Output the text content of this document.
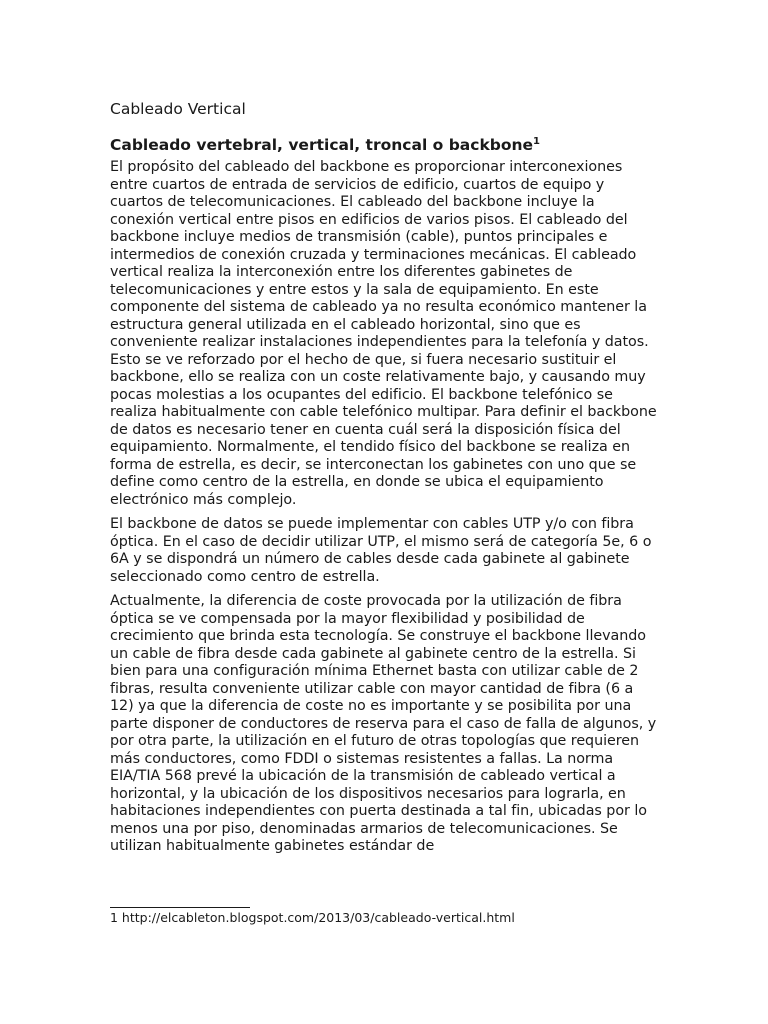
Cableado Vertical
Cableado vertebral, vertical, troncal o backbone$^1$

El propósito del cableado del backbone es proporcionar interconexiones entre cuartos de entrada de servicios de edificio, cuartos de equipo y cuartos de telecomunicaciones. El cableado del backbone incluye la conexión vertical entre pisos en edificios de varios pisos. El cableado del backbone incluye medios de transmisión (cable), puntos principales e intermedios de conexión cruzada y terminaciones mecánicas. El cableado vertical realiza la interconexión entre los diferentes gabinetes de telecomunicaciones y entre estos y la sala de equipamiento. En este componente del sistema de cableado ya no resulta económico mantener la estructura general utilizada en el cableado horizontal, sino que es conveniente realizar instalaciones independientes para la telefonía y datos. Esto se ve reforzado por el hecho de que, si fuera necesario sustituir el backbone, ello se realiza con un coste relativamente bajo, y causando muy pocas molestias a los ocupantes del edificio. El backbone telefónico se realiza habitualmente con cable telefónico multipar. Para definir el backbone de datos es necesario tener en cuenta cuál será la disposición física del equipamiento. Normalmente, el tendido físico del backbone se realiza en forma de estrella, es decir, se interconectan los gabinetes con uno que se define como centro de la estrella, en donde se ubica el equipamiento electrónico más complejo.

El backbone de datos se puede implementar con cables UTP y/o con fibra óptica. En el caso de decidir utilizar UTP, el mismo será de categoría 5e, 6 o 6A y se dispondrá un número de cables desde cada gabinete al gabinete seleccionado como centro de estrella.

Actualmente, la diferencia de coste provocada por la utilización de fibra óptica se ve compensada por la mayor flexibilidad y posibilidad de crecimiento que brinda esta tecnología. Se construye el backbone llevando un cable de fibra desde cada gabinete al gabinete centro de la estrella. Si bien para una configuración mínima Ethernet basta con utilizar cable de 2 fibras, resulta conveniente utilizar cable con mayor cantidad de fibra (6 a 12) ya que la diferencia de coste no es importante y se posibilita por una parte disponer de conductores de reserva para el caso de falla de algunos, y por otra parte, la utilización en el futuro de otras topologías que requieren más conductores, como FDDI o sistemas resistentes a fallas. La norma EIA/TIA 568 prevé la ubicación de la transmisión de cableado vertical a horizontal, y la ubicación de los dispositivos necesarios para lograrla, en habitaciones independientes con puerta destinada a tal fin, ubicadas por lo menos una por piso, denominadas armarios de telecomunicaciones. Se utilizan habitualmente gabinetes estándar de

1 http://elcableton.blogspot.com/2013/03/cableado-vertical.html
